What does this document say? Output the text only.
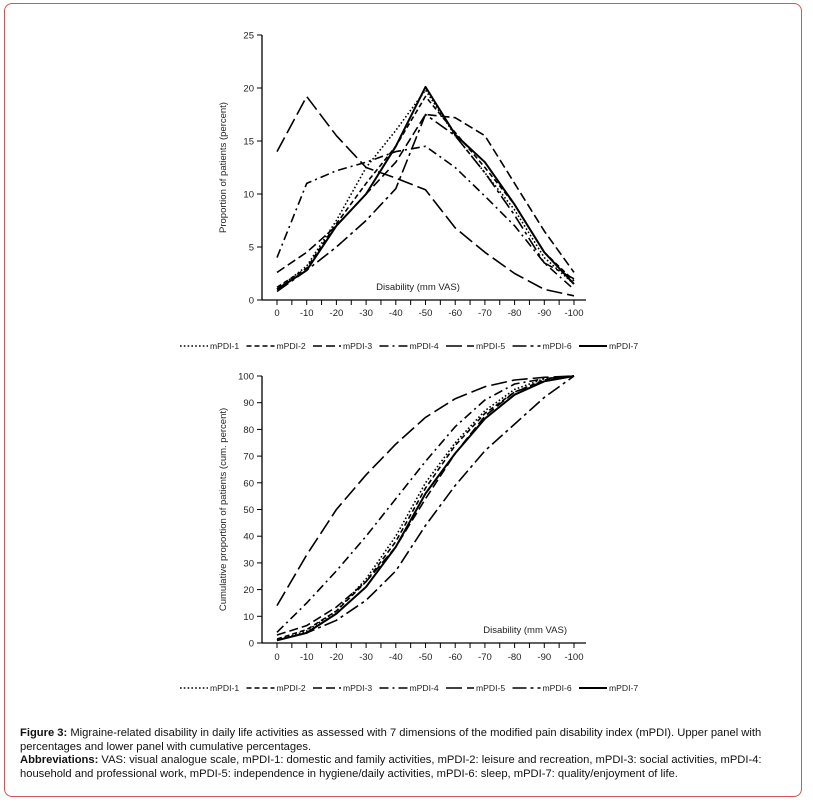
0
5
10
15
20
25
0 -10 -20 -30 -40 -50 -60 -70 -80 -90 -100
Proportion of patients (percent)
Disability (mm VAS)
mPDI-1	mPDI-2	mPDI-3	mPDI-4	mPDI-5	mPDI-6	mPDI-7
0
10
20
30
40
50
60
70
80
90
100
0 -10 -20 -30 -40 -50 -60 -70 -80 -90 -100
Cumulative proportion of patients (cum. percent)
Disability (mm VAS)
mPDI-1	mPDI-2	mPDI-3	mPDI-4	mPDI-5	mPDI-6	mPDI-7
Figure 3: Migraine-related disability in daily life activities as assessed with 7 dimensions of the modified pain disability index (mPDI). Upper panel with percentages and lower panel with cumulative percentages.
Abbreviations: VAS: visual analogue scale, mPDI-1: domestic and family activities, mPDI-2: leisure and recreation, mPDI-3: social activities, mPDI-4: household and professional work, mPDI-5: independence in hygiene/daily activities, mPDI-6: sleep, mPDI-7: quality/enjoyment of life.
